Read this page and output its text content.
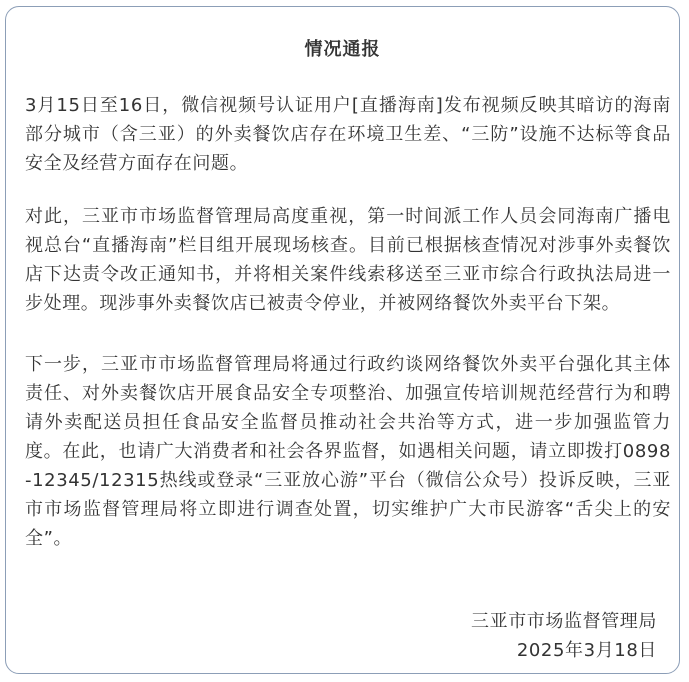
情况通报
3月15日至16日，微信视频号认证用户[直播海南]发布视频反映其暗访的海南部分城市（含三亚）的外卖餐饮店存在环境卫生差、“三防”设施不达标等食品安全及经营方面存在问题。
对此，三亚市市场监督管理局高度重视，第一时间派工作人员会同海南广播电视总台“直播海南”栏目组开展现场核查。目前已根据核查情况对涉事外卖餐饮店下达责令改正通知书，并将相关案件线索移送至三亚市综合行政执法局进一步处理。现涉事外卖餐饮店已被责令停业，并被网络餐饮外卖平台下架。
下一步，三亚市市场监督管理局将通过行政约谈网络餐饮外卖平台强化其主体责任、对外卖餐饮店开展食品安全专项整治、加强宣传培训规范经营行为和聘请外卖配送员担任食品安全监督员推动社会共治等方式，进一步加强监管力度。在此，也请广大消费者和社会各界监督，如遇相关问题，请立即拨打0898-12345/12315热线或登录“三亚放心游”平台（微信公众号）投诉反映，三亚市市场监督管理局将立即进行调查处置，切实维护广大市民游客“舌尖上的安全”。
三亚市市场监督管理局
2025年3月18日
